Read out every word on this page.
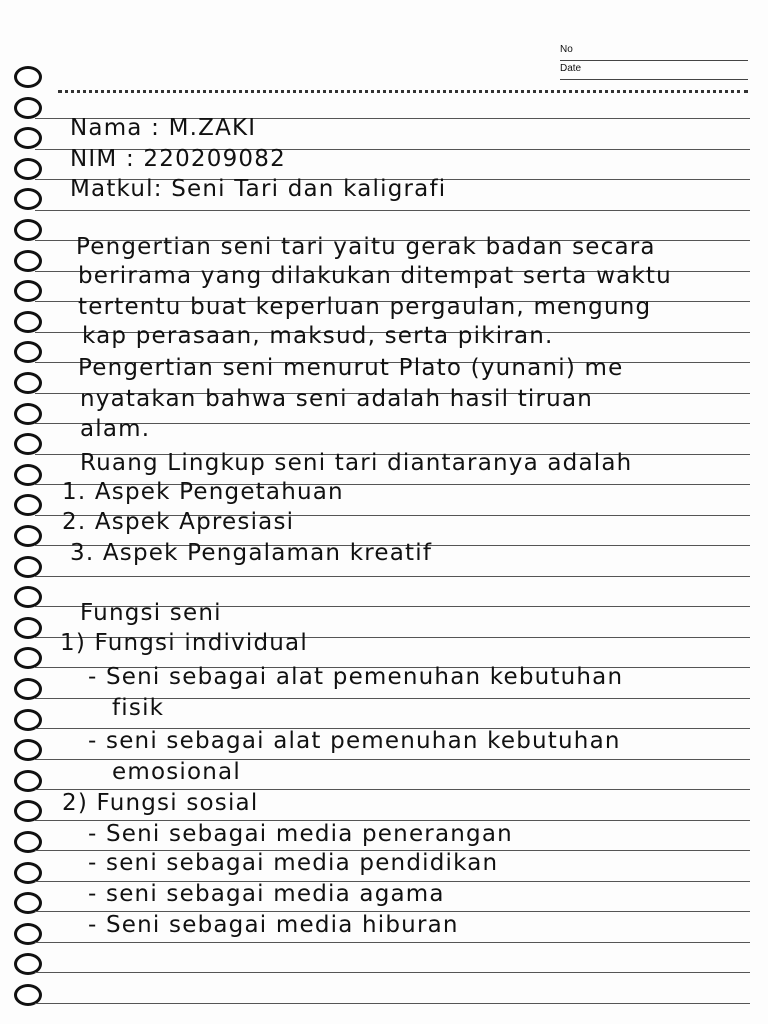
No
Date
Nama : M.ZAKI
NIM : 220209082
Matkul: Seni Tari dan kaligrafi
Pengertian seni tari yaitu gerak badan secara
berirama yang dilakukan ditempat serta waktu
tertentu buat keperluan pergaulan, mengung
kap perasaan, maksud, serta pikiran.
Pengertian seni menurut Plato (yunani) me
nyatakan bahwa seni adalah hasil tiruan
alam.
Ruang Lingkup seni tari diantaranya adalah
1. Aspek Pengetahuan
2. Aspek Apresiasi
3. Aspek Pengalaman kreatif
Fungsi seni
1) Fungsi individual
- Seni sebagai alat pemenuhan kebutuhan
fisik
- seni sebagai alat pemenuhan kebutuhan
emosional
2) Fungsi sosial
- Seni sebagai media penerangan
- seni sebagai media pendidikan
- seni sebagai media agama
- Seni sebagai media hiburan
